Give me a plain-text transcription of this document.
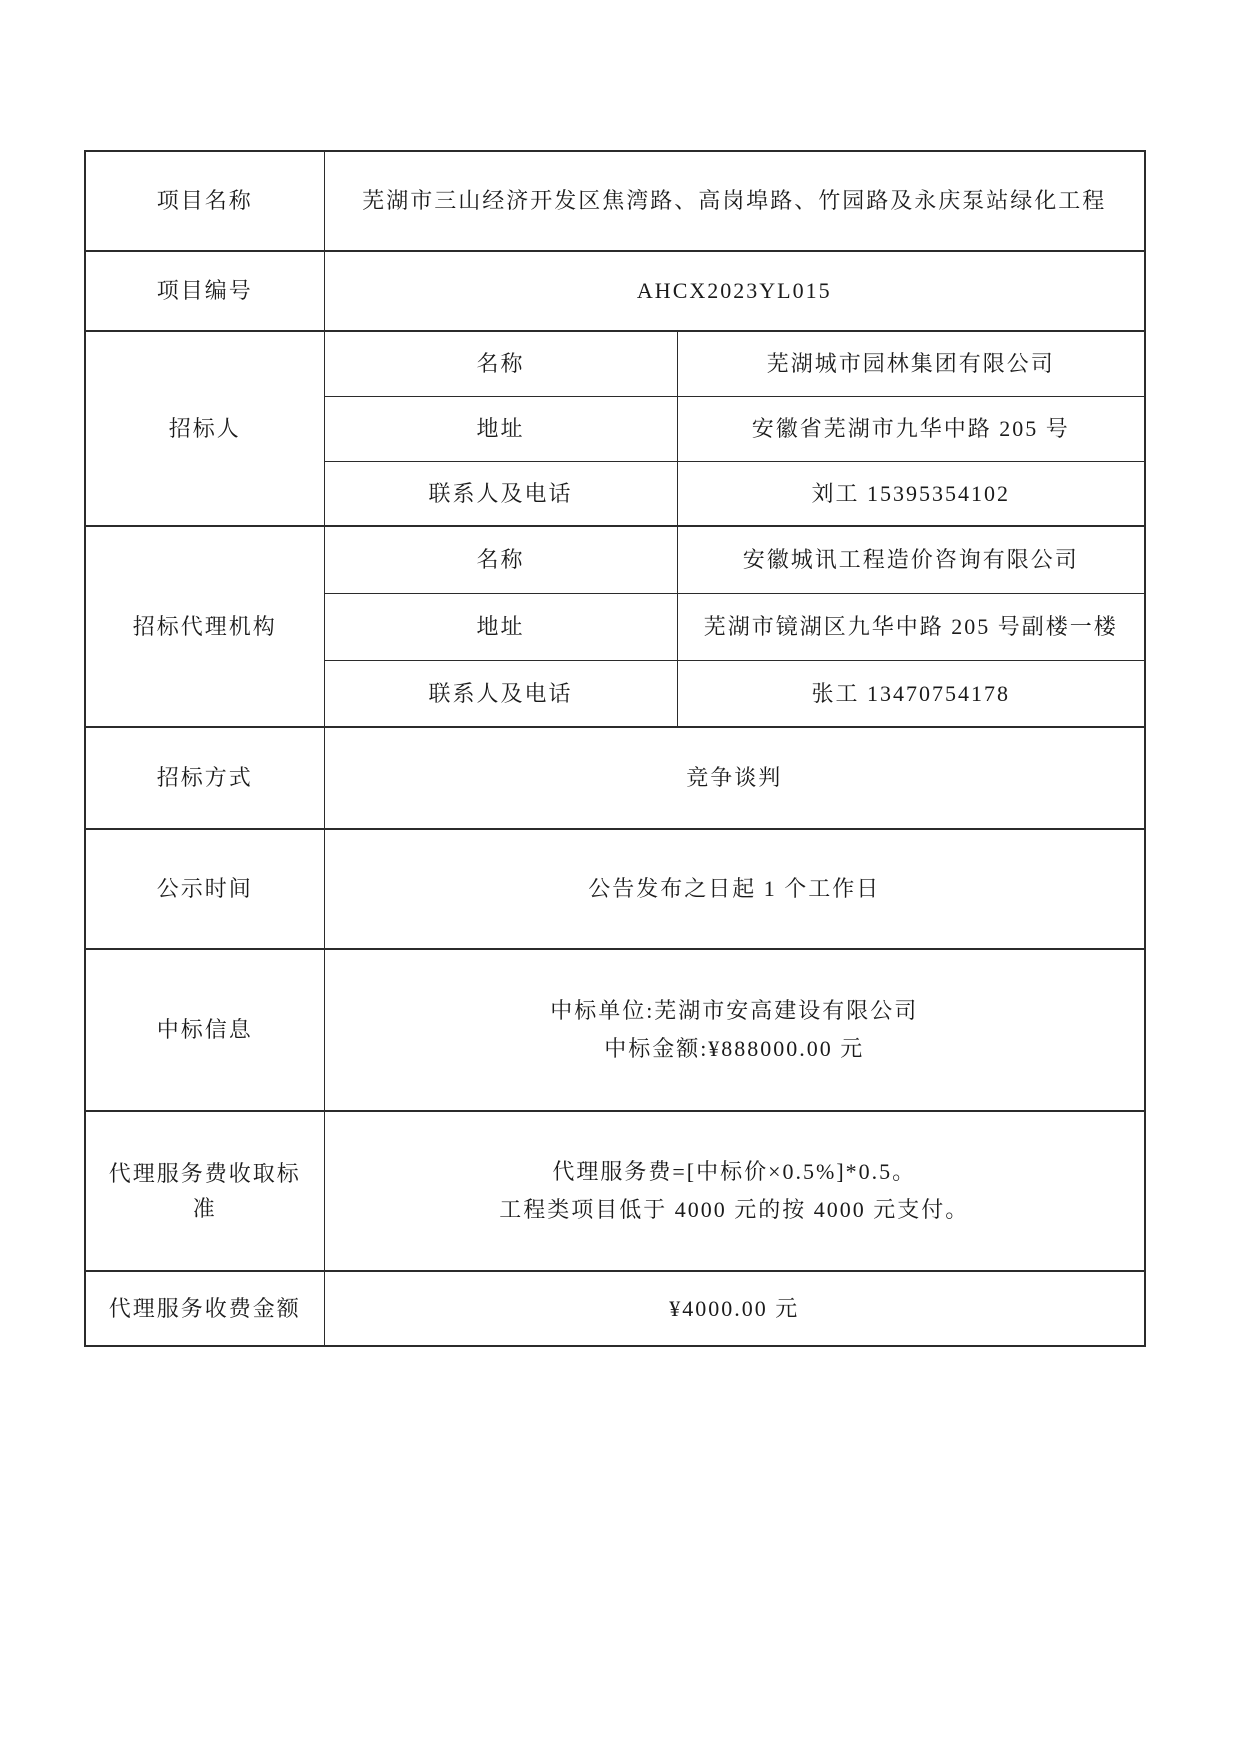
项目名称	芜湖市三山经济开发区焦湾路、高岗埠路、竹园路及永庆泵站绿化工程	
项目编号	AHCX2023YL015	
招标人	名称	芜湖城市园林集团有限公司
	地址	安徽省芜湖市九华中路 205 号
	联系人及电话	刘工 15395354102
招标代理机构	名称	安徽城讯工程造价咨询有限公司
	地址	芜湖市镜湖区九华中路 205 号副楼一楼
	联系人及电话	张工 13470754178
招标方式	竞争谈判	
公示时间	公告发布之日起 1 个工作日	
中标信息	中标单位:芜湖市安高建设有限公司
中标金额:¥888000.00 元	

代理服务费收取标准	代理服务费=[中标价×0.5%]*0.5。
工程类项目低于 4000 元的按 4000 元支付。	

代理服务收费金额	¥4000.00 元	
